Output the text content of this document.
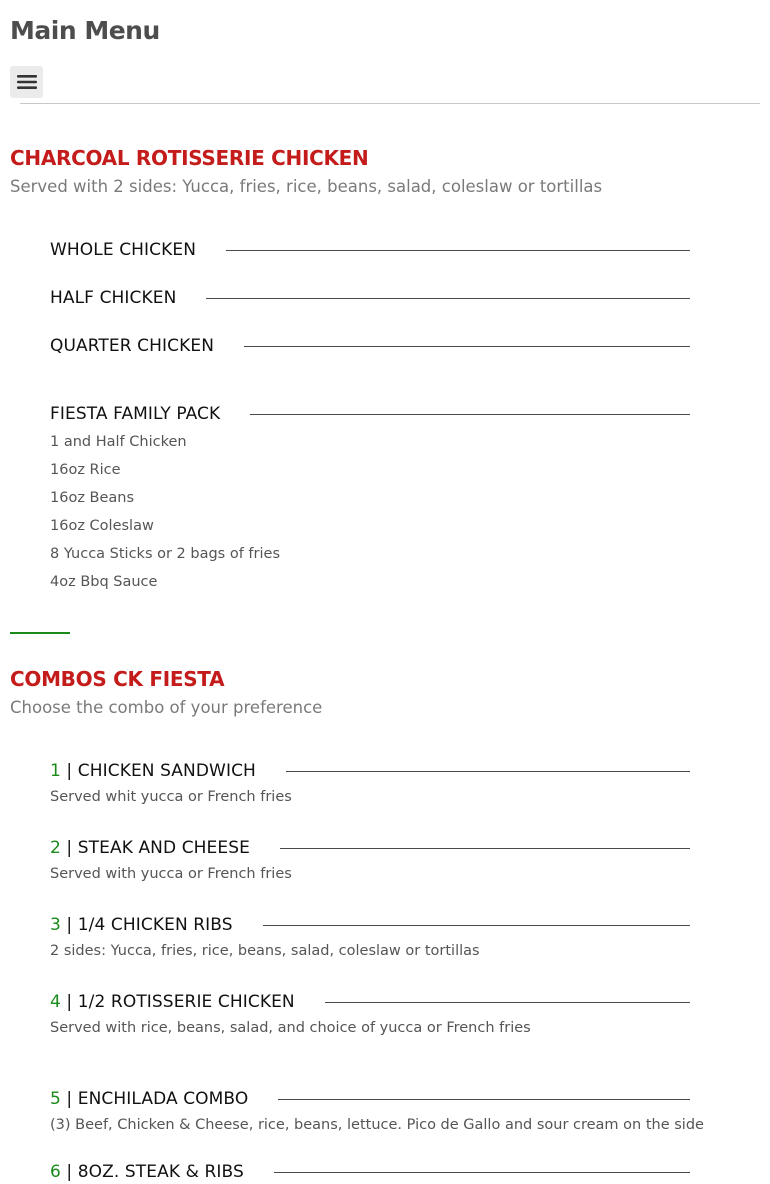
Main Menu
CHARCOAL ROTISSERIE CHICKEN

Served with 2 sides: Yucca, fries, rice, beans, salad, coleslaw or tortillas

WHOLE CHICKEN
HALF CHICKEN
QUARTER CHICKEN
FIESTA FAMILY PACK
1 and Half Chicken
16oz Rice
16oz Beans
16oz Coleslaw
8 Yucca Sticks or 2 bags of fries
4oz Bbq Sauce
COMBOS CK FIESTA

Choose the combo of your preference

1 | CHICKEN SANDWICH
Served whit yucca or French fries
2 | STEAK AND CHEESE
Served with yucca or French fries
3 | 1/4 CHICKEN RIBS
2 sides: Yucca, fries, rice, beans, salad, coleslaw or tortillas
4 | 1/2 ROTISSERIE CHICKEN
Served with rice, beans, salad, and choice of yucca or French fries
5 | ENCHILADA COMBO
(3) Beef, Chicken & Cheese, rice, beans, lettuce. Pico de Gallo and sour cream on the side
6 | 8OZ. STEAK & RIBS
